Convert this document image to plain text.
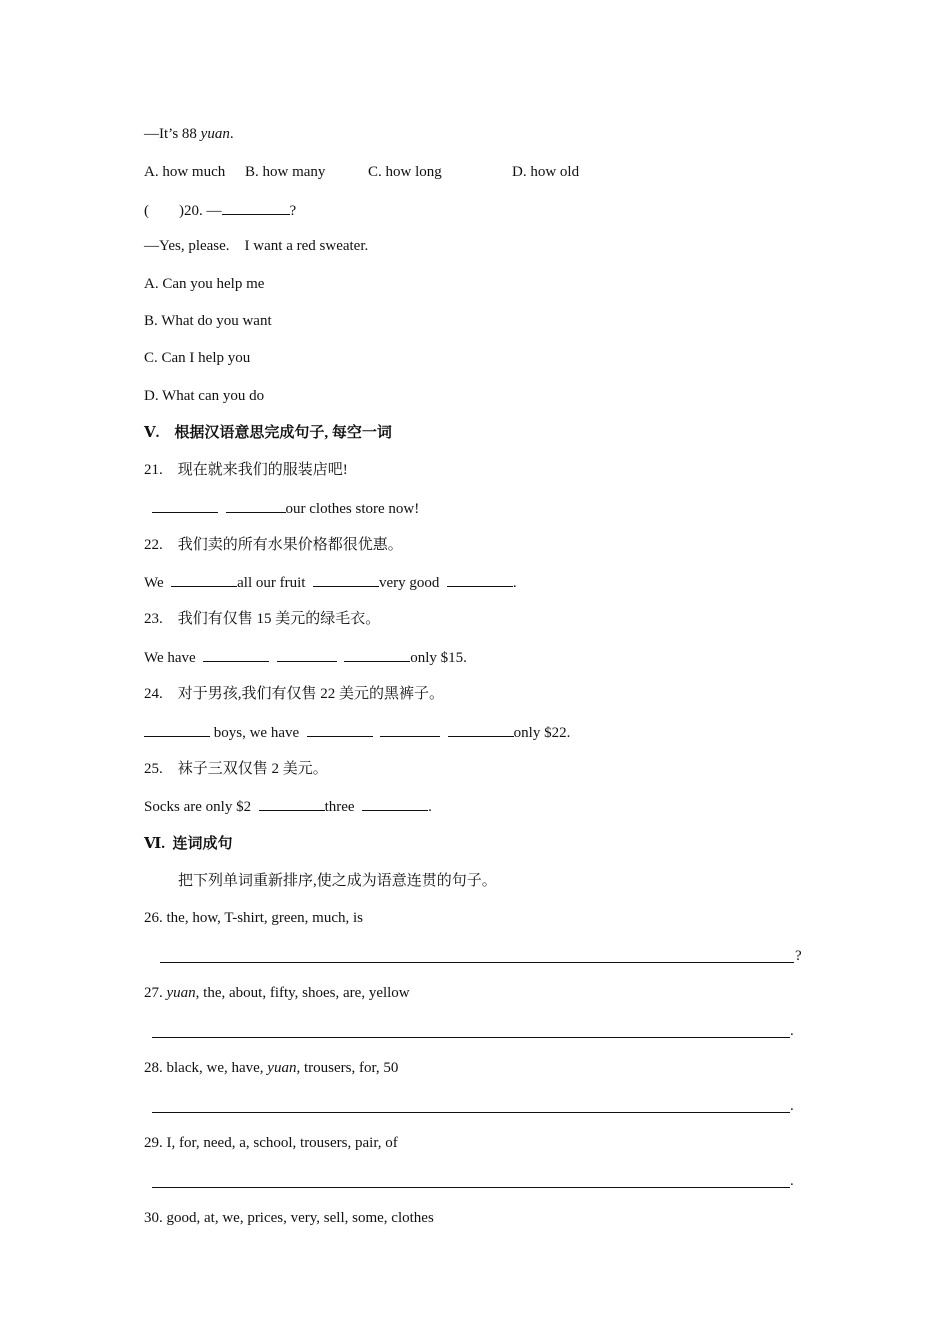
—It’s 88 yuan.
A. how much B. how many	C. how long	D. how old
(        )20. —	?
—Yes, please.    I want a red sweater.
A. Can you help me
B. What do you want
C. Can I help you
D. What can you do
Ⅴ.    根据汉语意思完成句子, 每空一词
21. 现在就来我们的服装店吧!
our clothes store now!
22. 我们卖的所有水果价格都很优惠。
We	all our fruit	very good	.
23. 我们有仅售 15 美元的绿毛衣。
We have	only $15.
24. 对于男孩,我们有仅售 22 美元的黑裤子。
boys, we have	only $22.
25. 袜子三双仅售 2 美元。
Socks are only $2	three	.
Ⅵ.  连词成句
把下列单词重新排序,使之成为语意连贯的句子。
26. the, how, T-shirt, green, much, is
?
27. yuan, the, about, fifty, shoes, are, yellow
.
28. black, we, have, yuan, trousers, for, 50
.
29. I, for, need, a, school, trousers, pair, of
.
30. good, at, we, prices, very, sell, some, clothes
